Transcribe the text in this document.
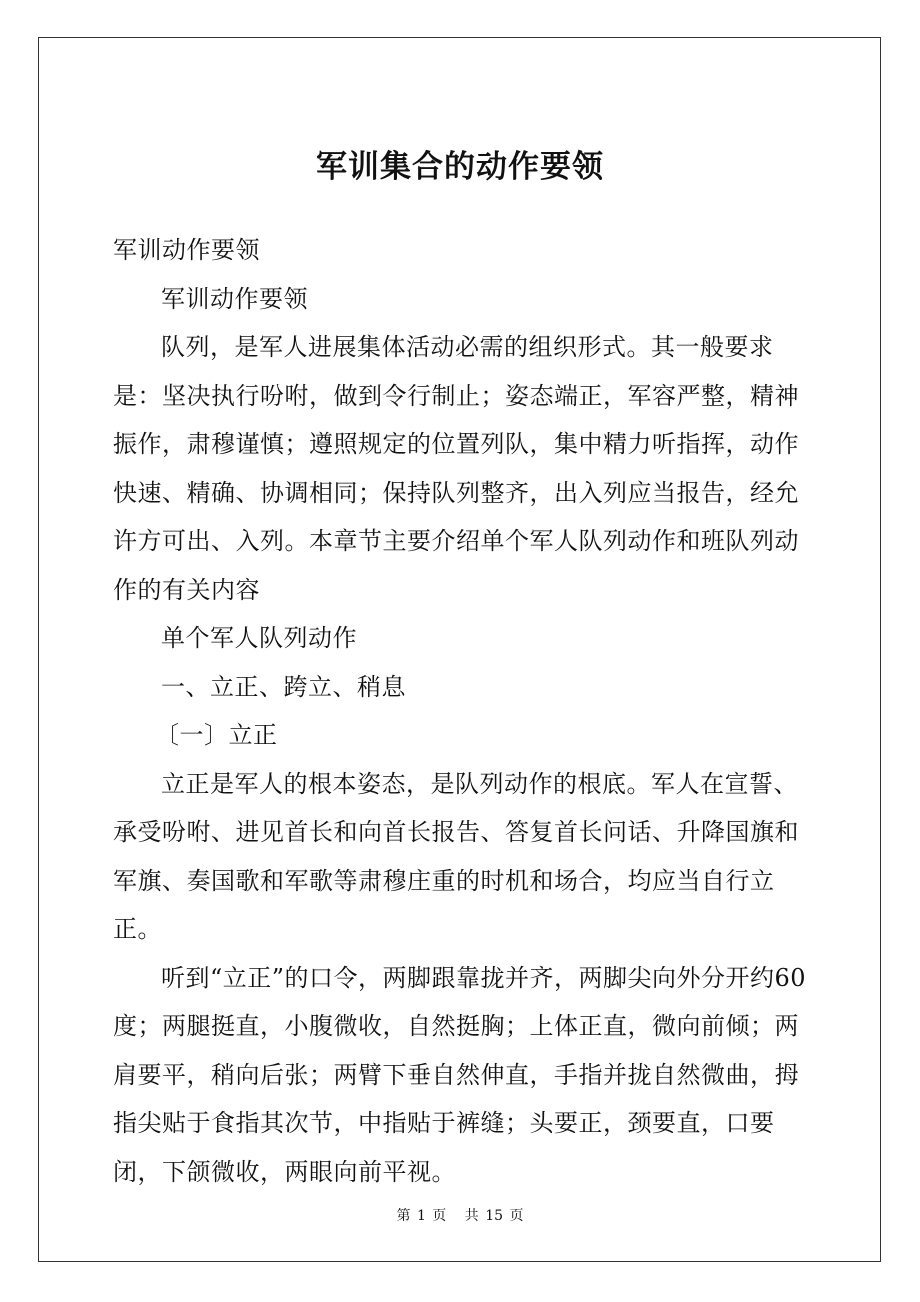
军训集合的动作要领

军训动作要领

军训动作要领

队列，是军人进展集体活动必需的组织形式。其一般要求是：坚决执行吩咐，做到令行制止；姿态端正，军容严整，精神振作，肃穆谨慎；遵照规定的位置列队，集中精力听指挥，动作快速、精确、协调相同；保持队列整齐，出入列应当报告，经允许方可出、入列。本章节主要介绍单个军人队列动作和班队列动作的有关内容

单个军人队列动作

一、立正、跨立、稍息

〔一〕立正

立正是军人的根本姿态，是队列动作的根底。军人在宣誓、承受吩咐、进见首长和向首长报告、答复首长问话、升降国旗和军旗、奏国歌和军歌等肃穆庄重的时机和场合，均应当自行立正。

听到“立正”的口令，两脚跟靠拢并齐，两脚尖向外分开约60度；两腿挺直，小腹微收，自然挺胸；上体正直，微向前倾；两肩要平，稍向后张；两臂下垂自然伸直，手指并拢自然微曲，拇指尖贴于食指其次节，中指贴于裤缝；头要正，颈要直，口要闭，下颌微收，两眼向前平视。

第 1 页 共 15 页
